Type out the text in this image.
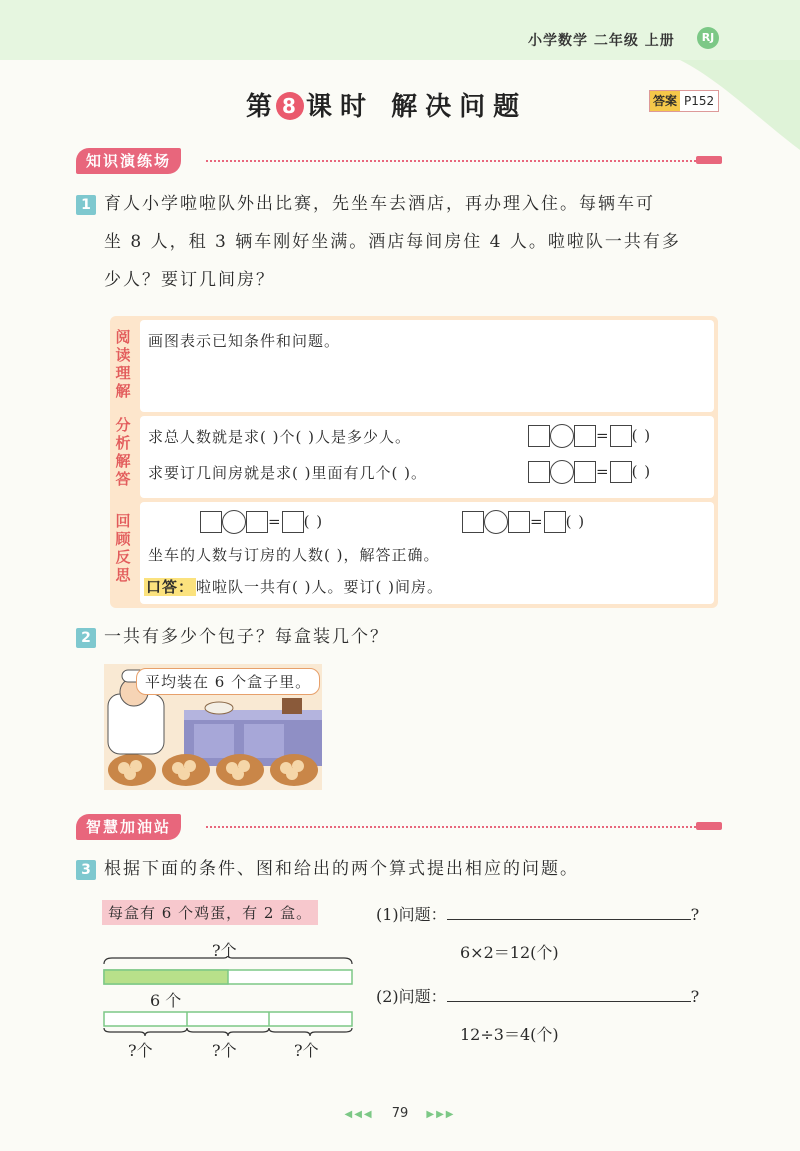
小学数学 二年级 上册	RJ
第 8 课时 解决问题	答案 P152
知识演练场
1 育人小学啦啦队外出比赛，先坐车去酒店，再办理入住。每辆车可
坐 8 人，租 3 辆车刚好坐满。酒店每间房住 4 人。啦啦队一共有多
少人？要订几间房？
阅读理解
分析解答
回顾反思
画图表示已知条件和问题。
求总人数就是求( )个( )人是多少人。
求要订几间房就是求( )里面有几个( )。
= ( )
= ( )
= ( )	= ( )
坐车的人数与订房的人数( )，解答正确。
口答： 啦啦队一共有( )人。要订( )间房。
2 一共有多少个包子？每盒装几个？
平均装在 6 个盒子里。
智慧加油站
3 根据下面的条件、图和给出的两个算式提出相应的问题。
每盒有 6 个鸡蛋，有 2 盒。
?个
6 个
?个	?个	?个
(1)问题：	?
6×2＝12(个)
(2)问题：	?
12÷3＝4(个)
◀◀◀ 79 ▶▶▶
